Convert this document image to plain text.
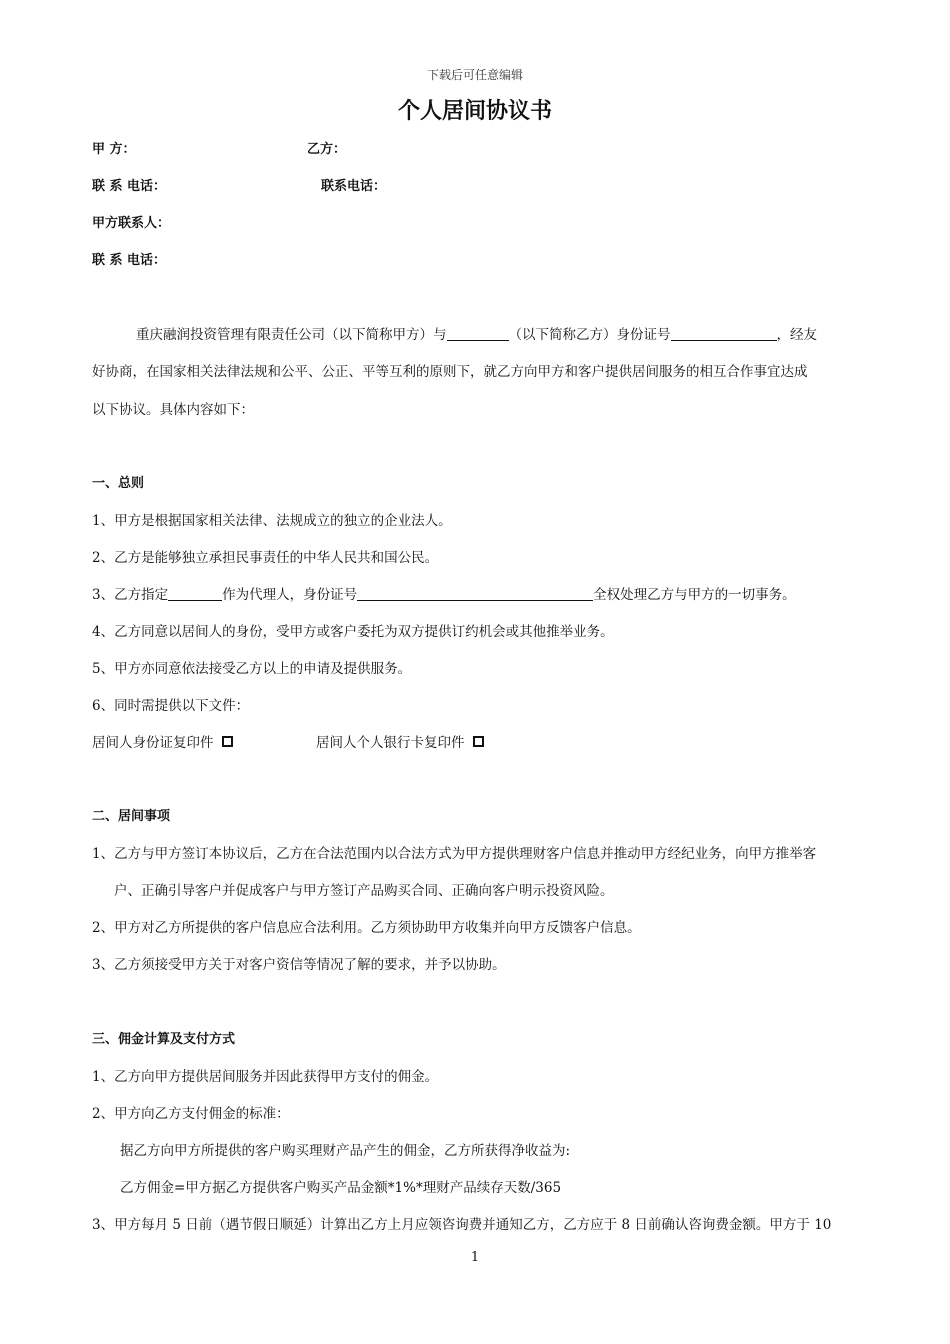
下载后可任意编辑
个人居间协议书
甲 方：	乙方：
联 系 电话：	联系电话：
甲方联系人：
联 系 电话：
重庆融润投资管理有限责任公司（以下简称甲方）与	（以下简称乙方）身份证号	，经友
好协商，在国家相关法律法规和公平、公正、平等互利的原则下，就乙方向甲方和客户提供居间服务的相互合作事宜达成
以下协议。具体内容如下：
一、总则
1、甲方是根据国家相关法律、法规成立的独立的企业法人。
2、乙方是能够独立承担民事责任的中华人民共和国公民。
3、乙方指定	作为代理人，身份证号	全权处理乙方与甲方的一切事务。
4、乙方同意以居间人的身份，受甲方或客户委托为双方提供订约机会或其他推举业务。
5、甲方亦同意依法接受乙方以上的申请及提供服务。
6、同时需提供以下文件：
居间人身份证复印件	居间人个人银行卡复印件
二、居间事项
1、乙方与甲方签订本协议后，乙方在合法范围内以合法方式为甲方提供理财客户信息并推动甲方经纪业务，向甲方推举客
户、正确引导客户并促成客户与甲方签订产品购买合同、正确向客户明示投资风险。
2、甲方对乙方所提供的客户信息应合法利用。乙方须协助甲方收集并向甲方反馈客户信息。
3、乙方须接受甲方关于对客户资信等情况了解的要求，并予以协助。
三、佣金计算及支付方式
1、乙方向甲方提供居间服务并因此获得甲方支付的佣金。
2、甲方向乙方支付佣金的标准：
据乙方向甲方所提供的客户购买理财产品产生的佣金，乙方所获得净收益为:
乙方佣金=甲方据乙方提供客户购买产品金额*1%*理财产品续存天数/365
3、甲方每月 5 日前（遇节假日顺延）计算出乙方上月应领咨询费并通知乙方，乙方应于 8 日前确认咨询费金额。甲方于 10
1
